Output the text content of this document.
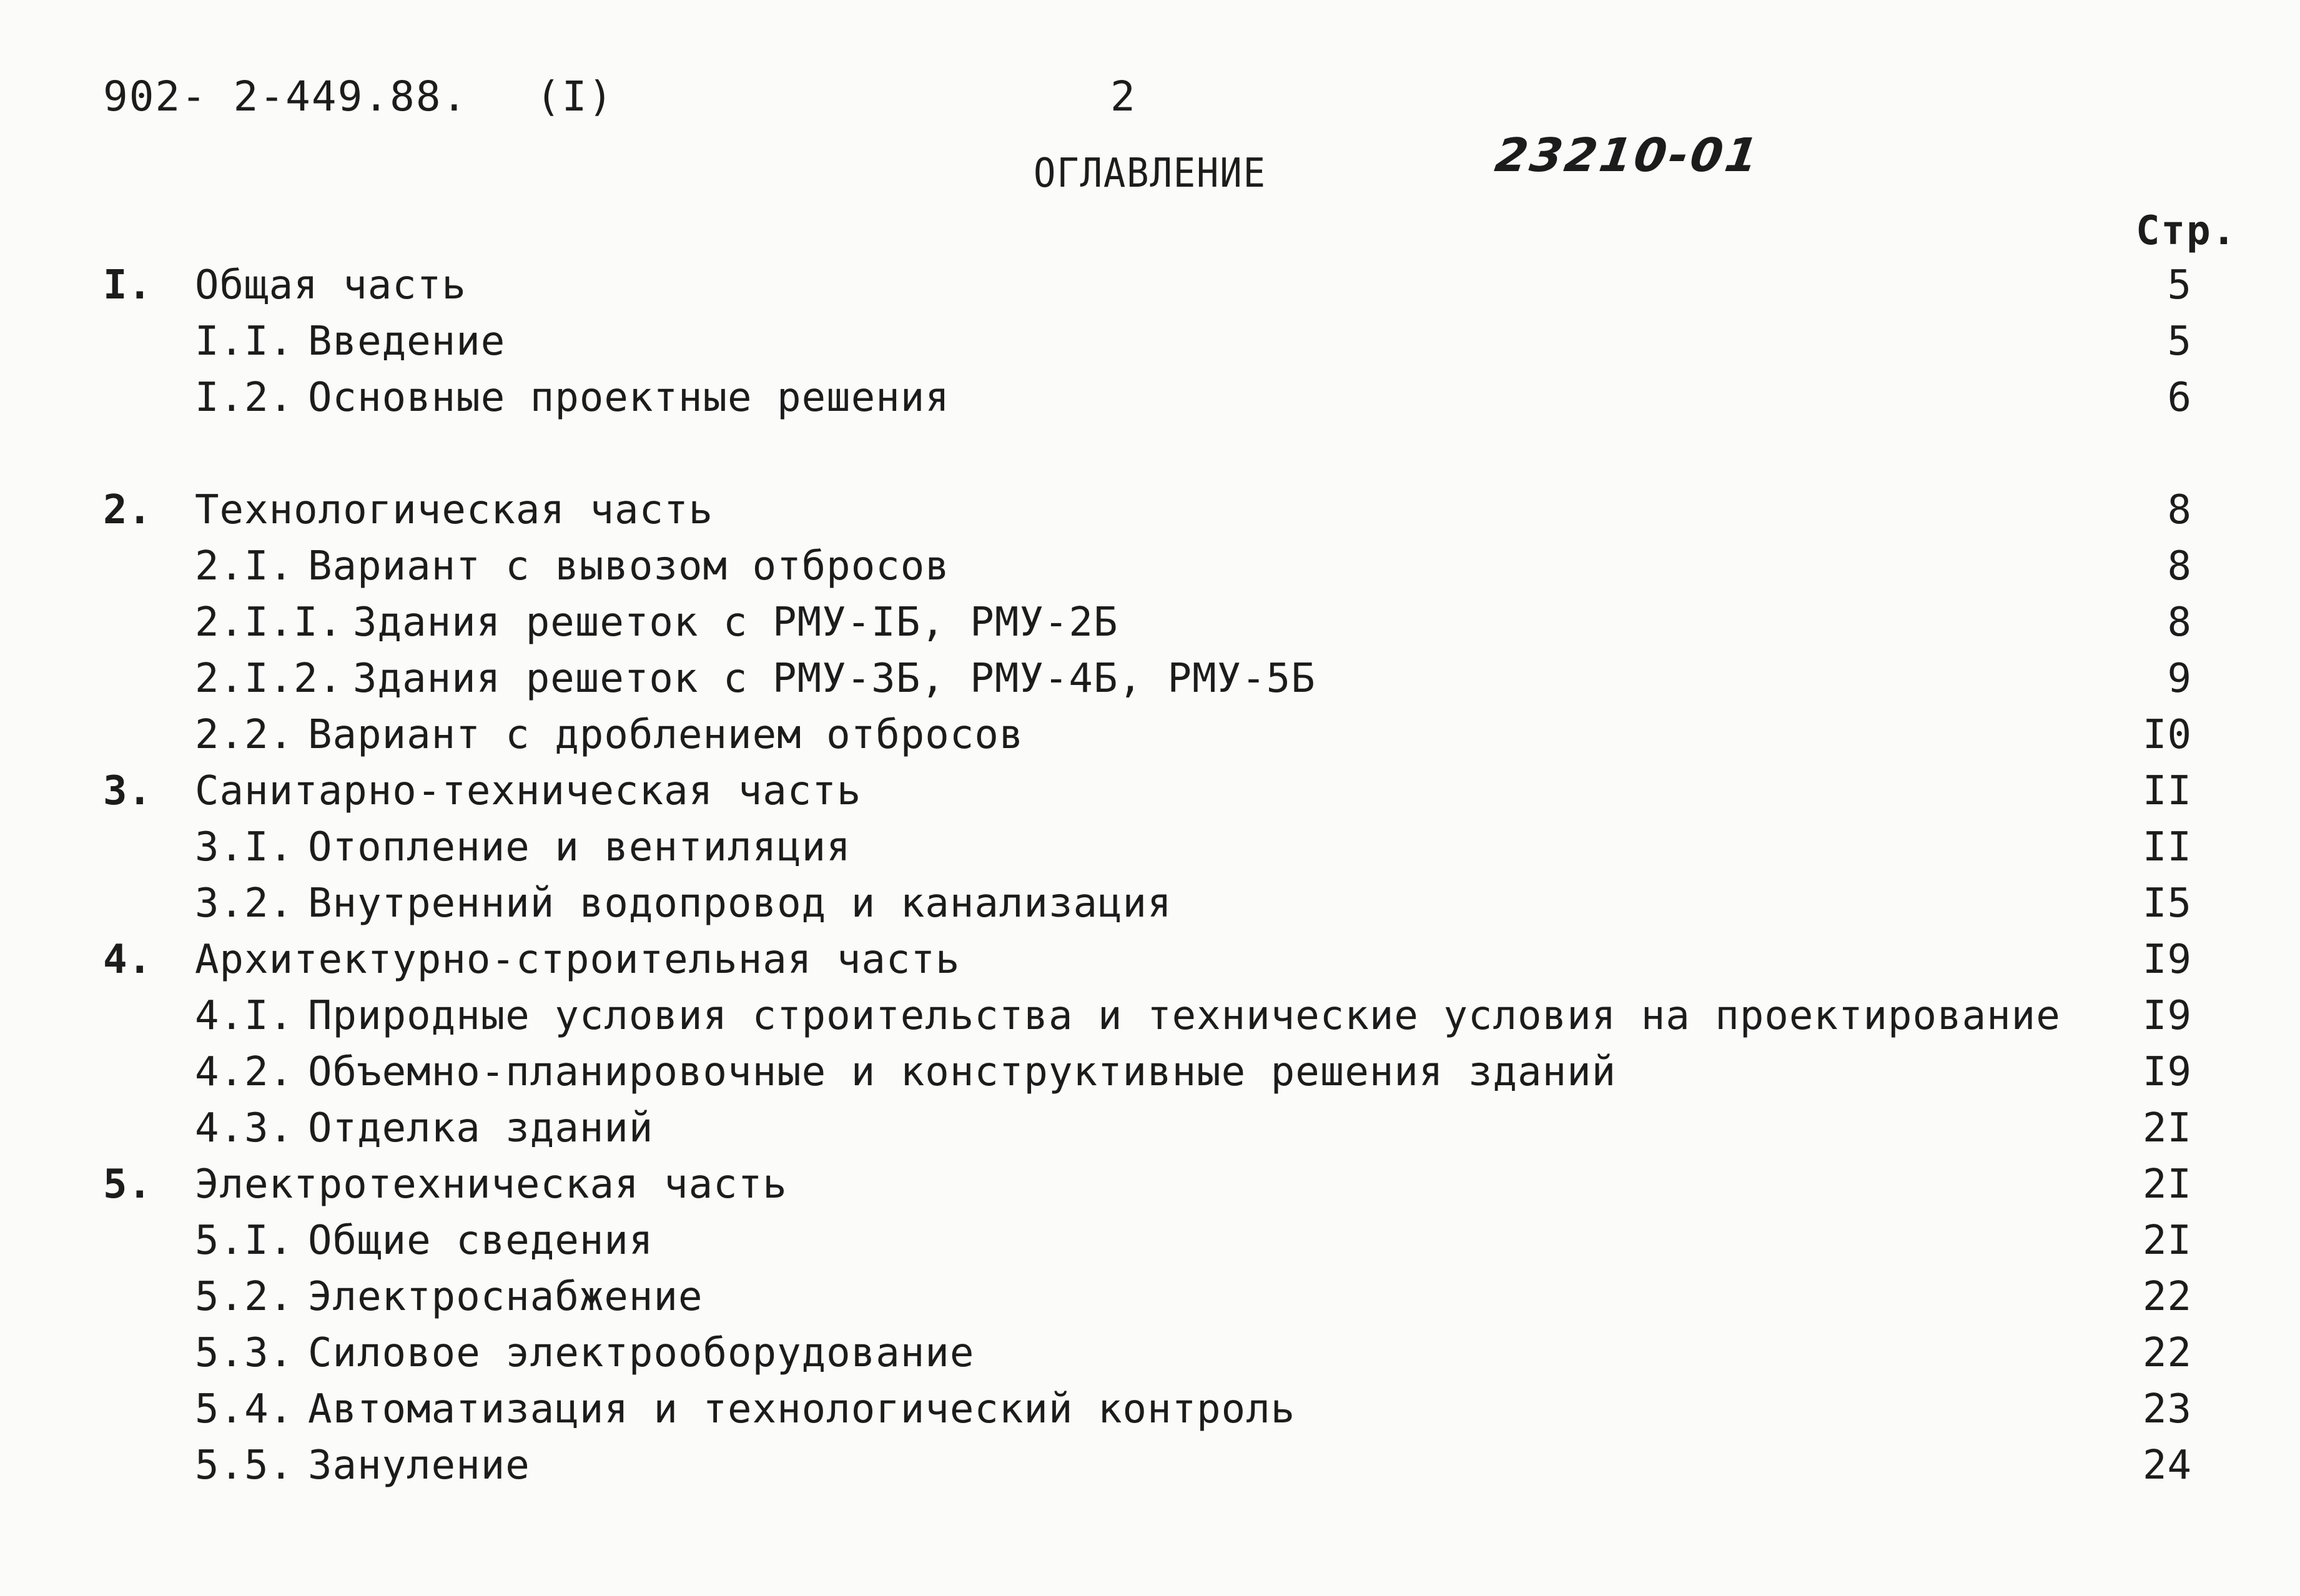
902- 2-449.88. (I)	2
ОГЛАВЛЕНИЕ	23210-01
Стр.
I. Общая часть	5
I.I. Введение	5
I.2. Основные проектные решения	6
2. Технологическая часть	8
2.I. Вариант с вывозом отбросов	8
2.I.I. Здания решеток с РМУ-IБ, РМУ-2Б	8
2.I.2. Здания решеток с РМУ-3Б, РМУ-4Б, РМУ-5Б	9
2.2. Вариант с дроблением отбросов	I0
3. Санитарно-техническая часть	II
3.I. Отопление и вентиляция	II
3.2. Внутренний водопровод и канализация	I5
4. Архитектурно-строительная часть	I9
4.I. Природные условия строительства и технические условия на проектирование	I9
4.2. Объемно-планировочные и конструктивные решения зданий	I9
4.3. Отделка зданий	2I
5. Электротехническая часть	2I
5.I. Общие сведения	2I
5.2. Электроснабжение	22
5.3. Силовое электрооборудование	22
5.4. Автоматизация и технологический контроль	23
5.5. Зануление	24
